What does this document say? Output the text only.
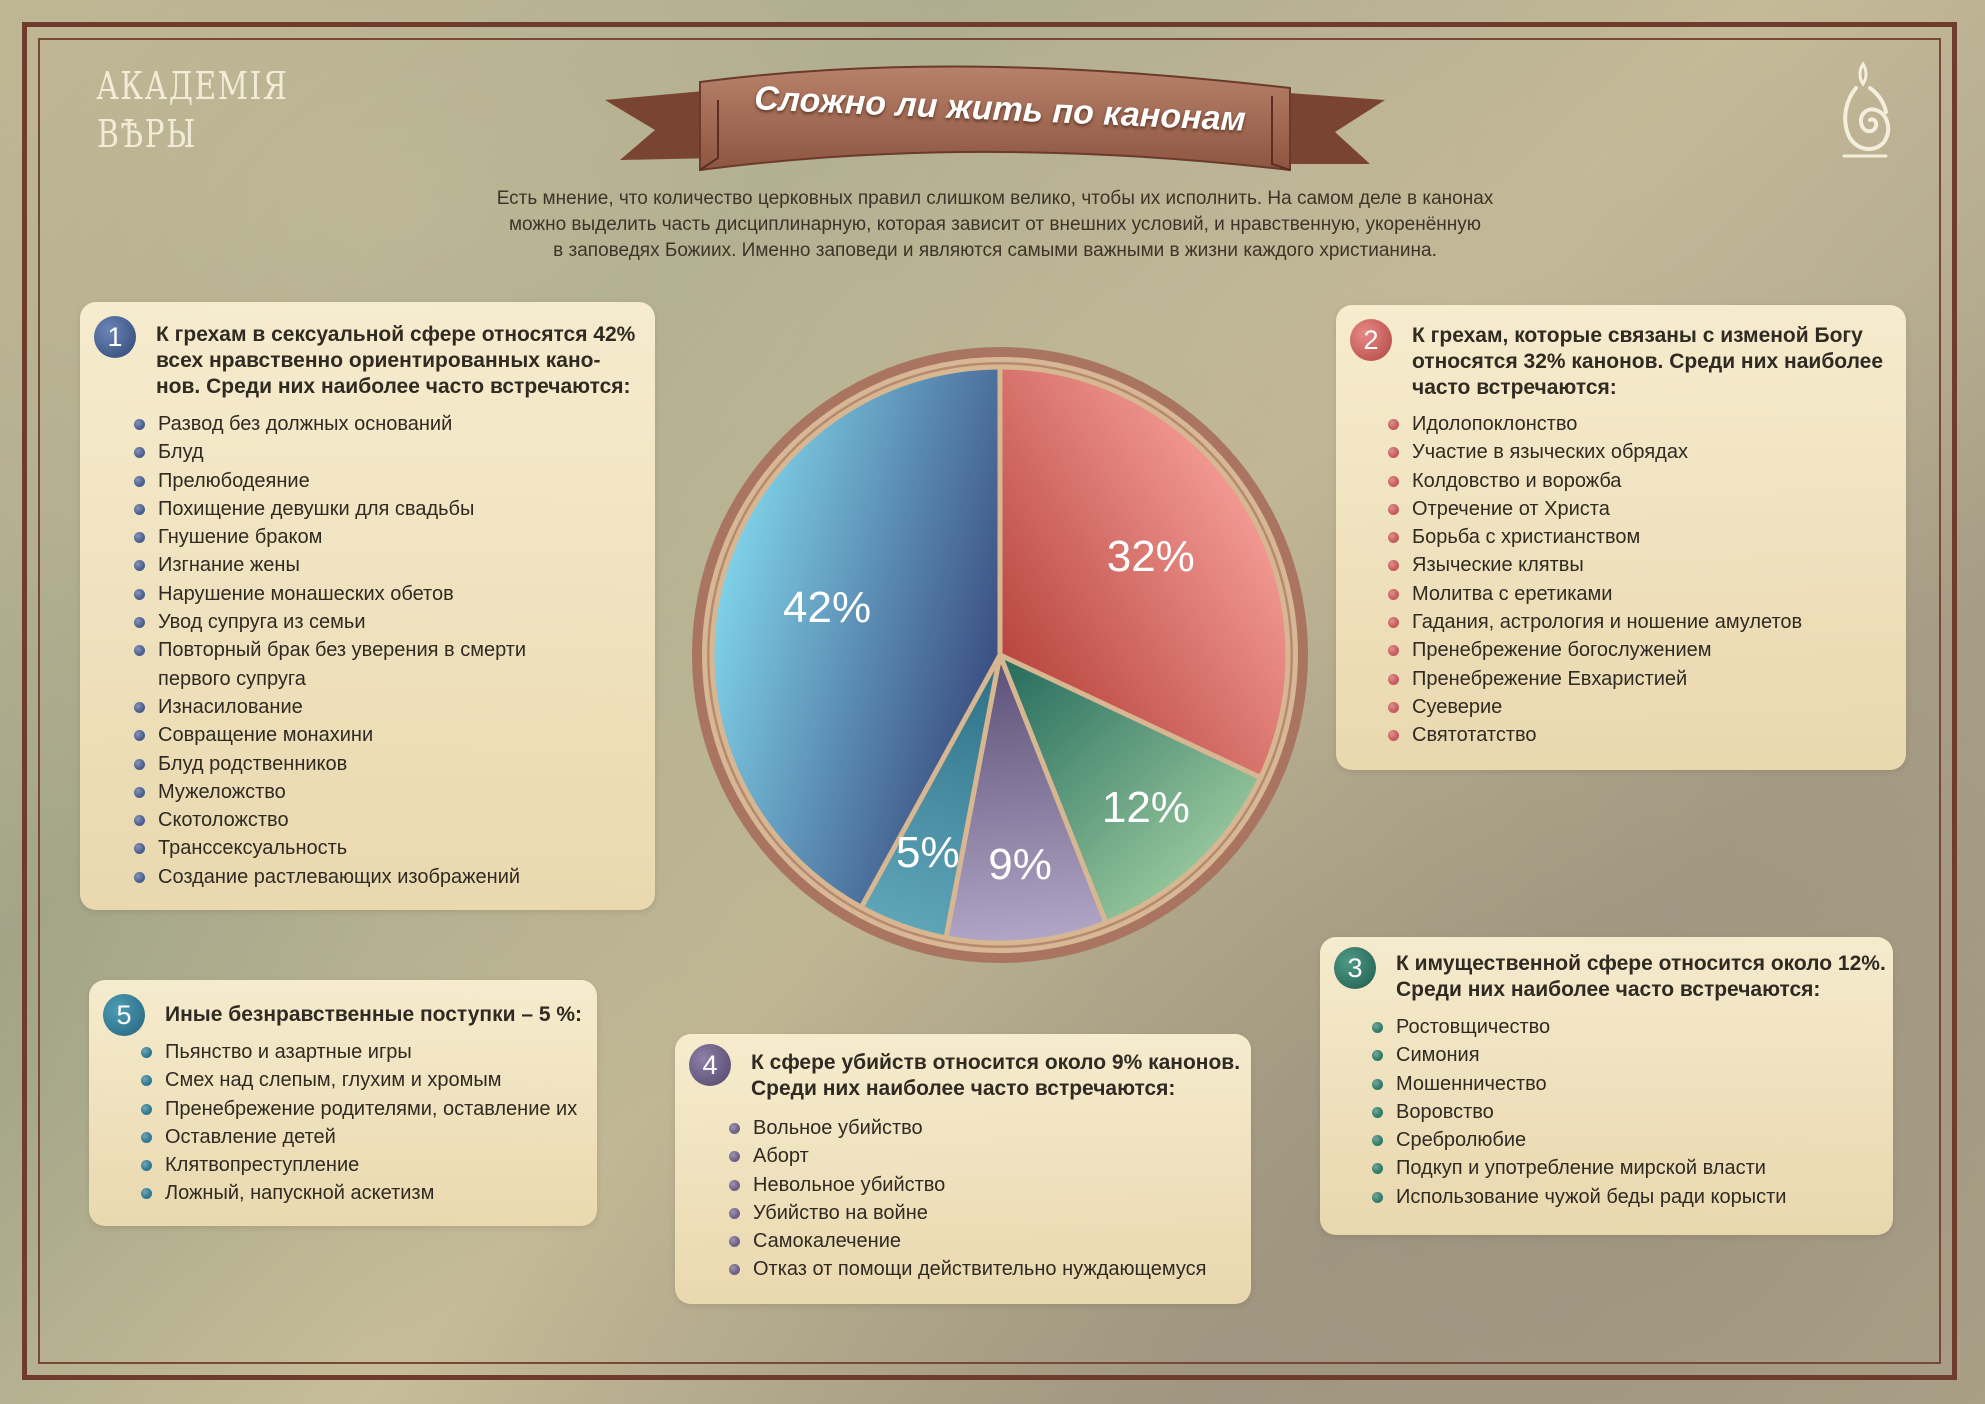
АКАДЕМІЯ
ВѢРЫ	Сложно ли жить по канонам
Есть мнение, что количество церковных правил слишком велико, чтобы их исполнить. На самом деле в канонах
можно выделить часть дисциплинарную, которая зависит от внешних условий, и нравственную, укоренённую
в заповедях Божиих. Именно заповеди и являются самыми важными в жизни каждого христианина.
1	К грехам в сексуальной сфере относятся 42%
всех нравственно ориентированных кано-
нов. Среди них наиболее часто встречаются:
Развод без должных оснований
Блуд
Прелюбодеяние
Похищение девушки для свадьбы
Гнушение браком
Изгнание жены
Нарушение монашеских обетов
Увод супруга из семьи
Повторный брак без уверения в смерти первого супруга
Изнасилование
Совращение монахини
Блуд родственников
Мужеложство
Скотоложство
Транссексуальность
Создание растлевающих изображений
2	К грехам, которые связаны с изменой Богу
относятся 32% канонов. Среди них наиболее
часто встречаются:
Идолопоклонство
Участие в языческих обрядах
Колдовство и ворожба
Отречение от Христа
Борьба с христианством
Языческие клятвы
Молитва с еретиками
Гадания, астрология и ношение амулетов
Пренебрежение богослужением
Пренебрежение Евхаристией
Суеверие
Святотатство
3	К имущественной сфере относится около 12%.
Среди них наиболее часто встречаются:
Ростовщичество
Симония
Мошенничество
Воровство
Сребролюбие
Подкуп и употребление мирской власти
Использование чужой беды ради корысти
4	К сфере убийств относится около 9% канонов.
Среди них наиболее часто встречаются:
Вольное убийство
Аборт
Невольное убийство
Убийство на войне
Самокалечение
Отказ от помощи действительно нуждающемуся
5	Иные безнравственные поступки – 5 %:
Пьянство и азартные игры
Смех над слепым, глухим и хромым
Пренебрежение родителями, оставление их
Оставление детей
Клятвопреступление
Ложный, напускной аскетизм
32%
12%
9%
5%
42%
